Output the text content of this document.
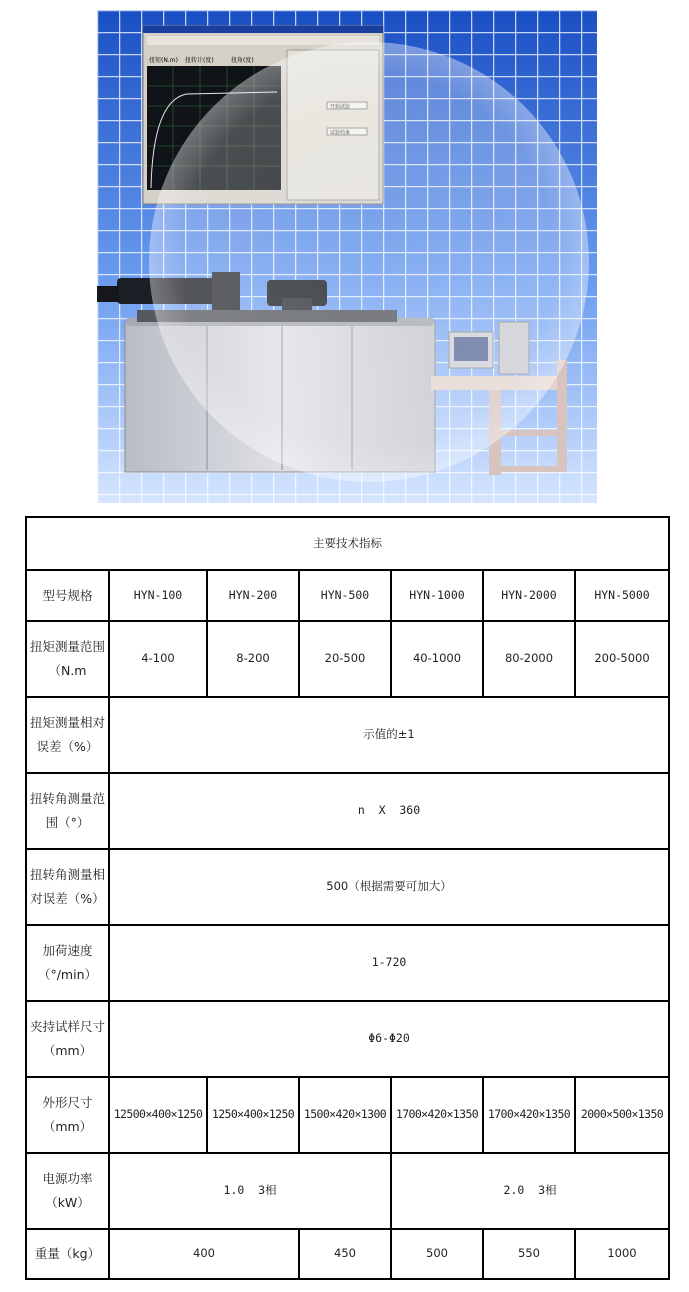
扭矩(N.m) 扭转计(度)	扭角(度)
开始试验
试验结束
主要技术指标						
型号规格	HYN-100	HYN-200	HYN-500	HYN-1000	HYN-2000	HYN-5000

扭矩测量范围
（N.m	4-100	8-200	20-500	40-1000	80-2000	200-5000

扭矩测量相对
误差（%）	示值的±1					

扭转角测量范
围（°）	n  X  360					

扭转角测量相
对误差（%）	500（根据需要可加大）					

加荷速度
（°/min）	1-720					

夹持试样尺寸
（mm）	Φ6-Φ20					

外形尺寸
（mm）	12500×400×1250	1250×400×1250	1500×420×1300	1700×420×1350	1700×420×1350	2000×500×1350

电源功率
（kW）	1.0  3相			2.0  3相		
重量（kg）	400		450	500	550	1000
